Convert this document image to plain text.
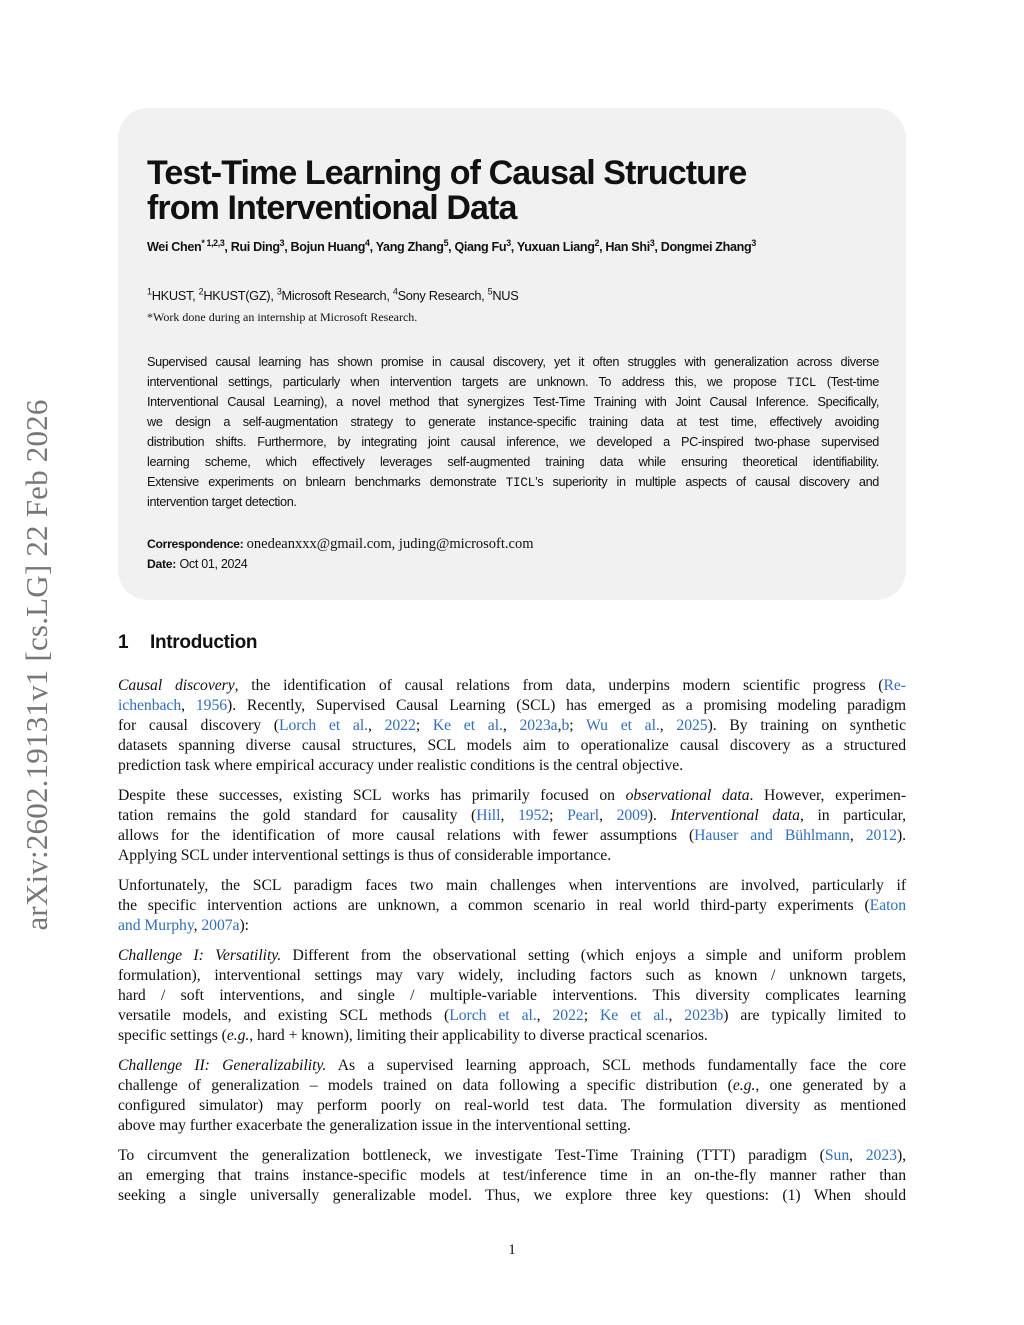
arXiv:2602.19131v1 [cs.LG] 22 Feb 2026
Test-Time Learning of Causal Structure
from Interventional Data
Wei Chen$^{* 1,2,3}$, Rui Ding$^3$, Bojun Huang$^4$, Yang Zhang$^5$, Qiang Fu$^3$, Yuxuan Liang$^2$, Han Shi$^3$, Dongmei Zhang$^3$
$^1$HKUST, $^2$HKUST(GZ), $^3$Microsoft Research, $^4$Sony Research, $^5$NUS
*Work done during an internship at Microsoft Research.
Supervised causal learning has shown promise in causal discovery, yet it often struggles with generalization across diverse
interventional settings, particularly when intervention targets are unknown. To address this, we propose TICL (Test-time
Interventional Causal Learning), a novel method that synergizes Test-Time Training with Joint Causal Inference. Specifically,
we design a self-augmentation strategy to generate instance-specific training data at test time, effectively avoiding
distribution shifts. Furthermore, by integrating joint causal inference, we developed a PC-inspired two-phase supervised
learning scheme, which effectively leverages self-augmented training data while ensuring theoretical identifiability.
Extensive experiments on bnlearn benchmarks demonstrate TICL’s superiority in multiple aspects of causal discovery and
intervention target detection.
Correspondence: onedeanxxx@gmail.com, juding@microsoft.com
Date: Oct 01, 2024
1 Introduction
Causal discovery, the identification of causal relations from data, underpins modern scientific progress (Re-
ichenbach, 1956). Recently, Supervised Causal Learning (SCL) has emerged as a promising modeling paradigm
for causal discovery (Lorch et al., 2022; Ke et al., 2023a,b; Wu et al., 2025). By training on synthetic
datasets spanning diverse causal structures, SCL models aim to operationalize causal discovery as a structured
prediction task where empirical accuracy under realistic conditions is the central objective.
Despite these successes, existing SCL works has primarily focused on observational data. However, experimen-
tation remains the gold standard for causality (Hill, 1952; Pearl, 2009). Interventional data, in particular,
allows for the identification of more causal relations with fewer assumptions (Hauser and Bühlmann, 2012).
Applying SCL under interventional settings is thus of considerable importance.
Unfortunately, the SCL paradigm faces two main challenges when interventions are involved, particularly if
the specific intervention actions are unknown, a common scenario in real world third-party experiments (Eaton
and Murphy, 2007a):
Challenge I: Versatility. Different from the observational setting (which enjoys a simple and uniform problem
formulation), interventional settings may vary widely, including factors such as known / unknown targets,
hard / soft interventions, and single / multiple-variable interventions. This diversity complicates learning
versatile models, and existing SCL methods (Lorch et al., 2022; Ke et al., 2023b) are typically limited to
specific settings (e.g., hard + known), limiting their applicability to diverse practical scenarios.
Challenge II: Generalizability. As a supervised learning approach, SCL methods fundamentally face the core
challenge of generalization – models trained on data following a specific distribution (e.g., one generated by a
configured simulator) may perform poorly on real-world test data. The formulation diversity as mentioned
above may further exacerbate the generalization issue in the interventional setting.
To circumvent the generalization bottleneck, we investigate Test-Time Training (TTT) paradigm (Sun, 2023),
an emerging that trains instance-specific models at test/inference time in an on-the-fly manner rather than
seeking a single universally generalizable model. Thus, we explore three key questions: (1) When should
1
